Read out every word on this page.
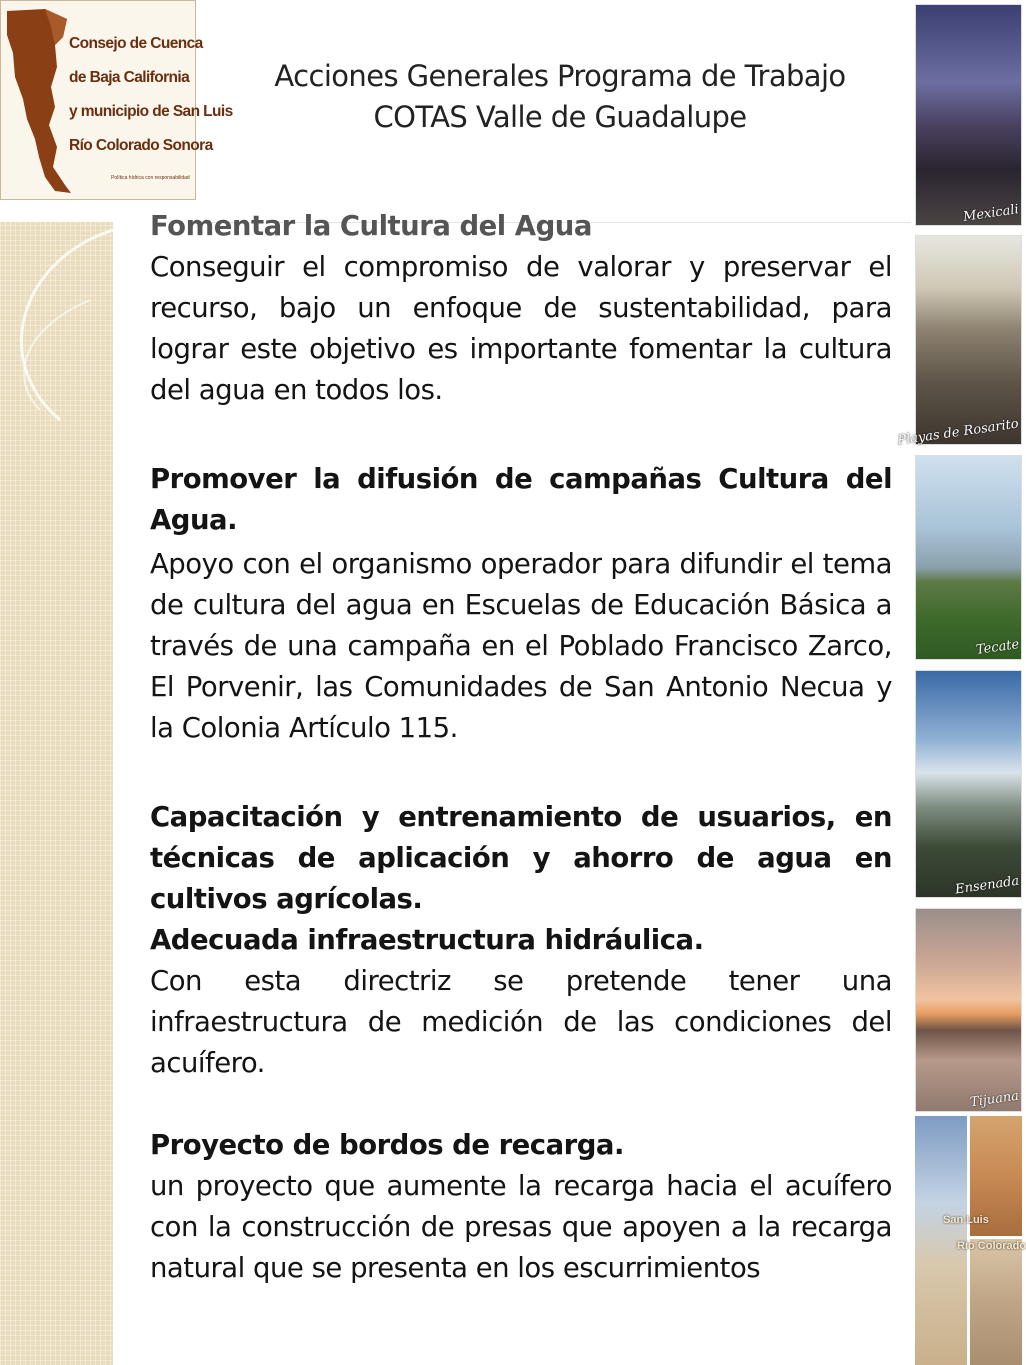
Consejo de Cuenca
de Baja California
y municipio de San Luis
Río Colorado Sonora
Política hídrica con responsabilidad
Acciones Generales Programa de Trabajo
COTAS Valle de Guadalupe

Fomentar la Cultura del Agua

Conseguir el compromiso de valorar y preservar el recurso, bajo un enfoque de sustentabilidad, para lograr este objetivo es importante fomentar la cultura del agua en todos los.

Promover la difusión de campañas Cultura del Agua.

Apoyo con el organismo operador para difundir el tema de cultura del agua en Escuelas de Educación Básica a través de una campaña en el Poblado Francisco Zarco, El Porvenir, las Comunidades de San Antonio Necua y la Colonia Artículo 115.

Capacitación y entrenamiento de usuarios, en técnicas de aplicación y ahorro de agua en cultivos agrícolas.

Adecuada infraestructura hidráulica.

Con esta directriz se pretende tener una infraestructura de medición de las condiciones del acuífero.

Proyecto de bordos de recarga.

un proyecto que aumente la recarga hacia el acuífero con la construcción de presas que apoyen a la recarga natural que se presenta en los escurrimientos

Mexicali
Playas de Rosarito
Tecate
Ensenada
Tijuana
San Luis
Río Colorado
